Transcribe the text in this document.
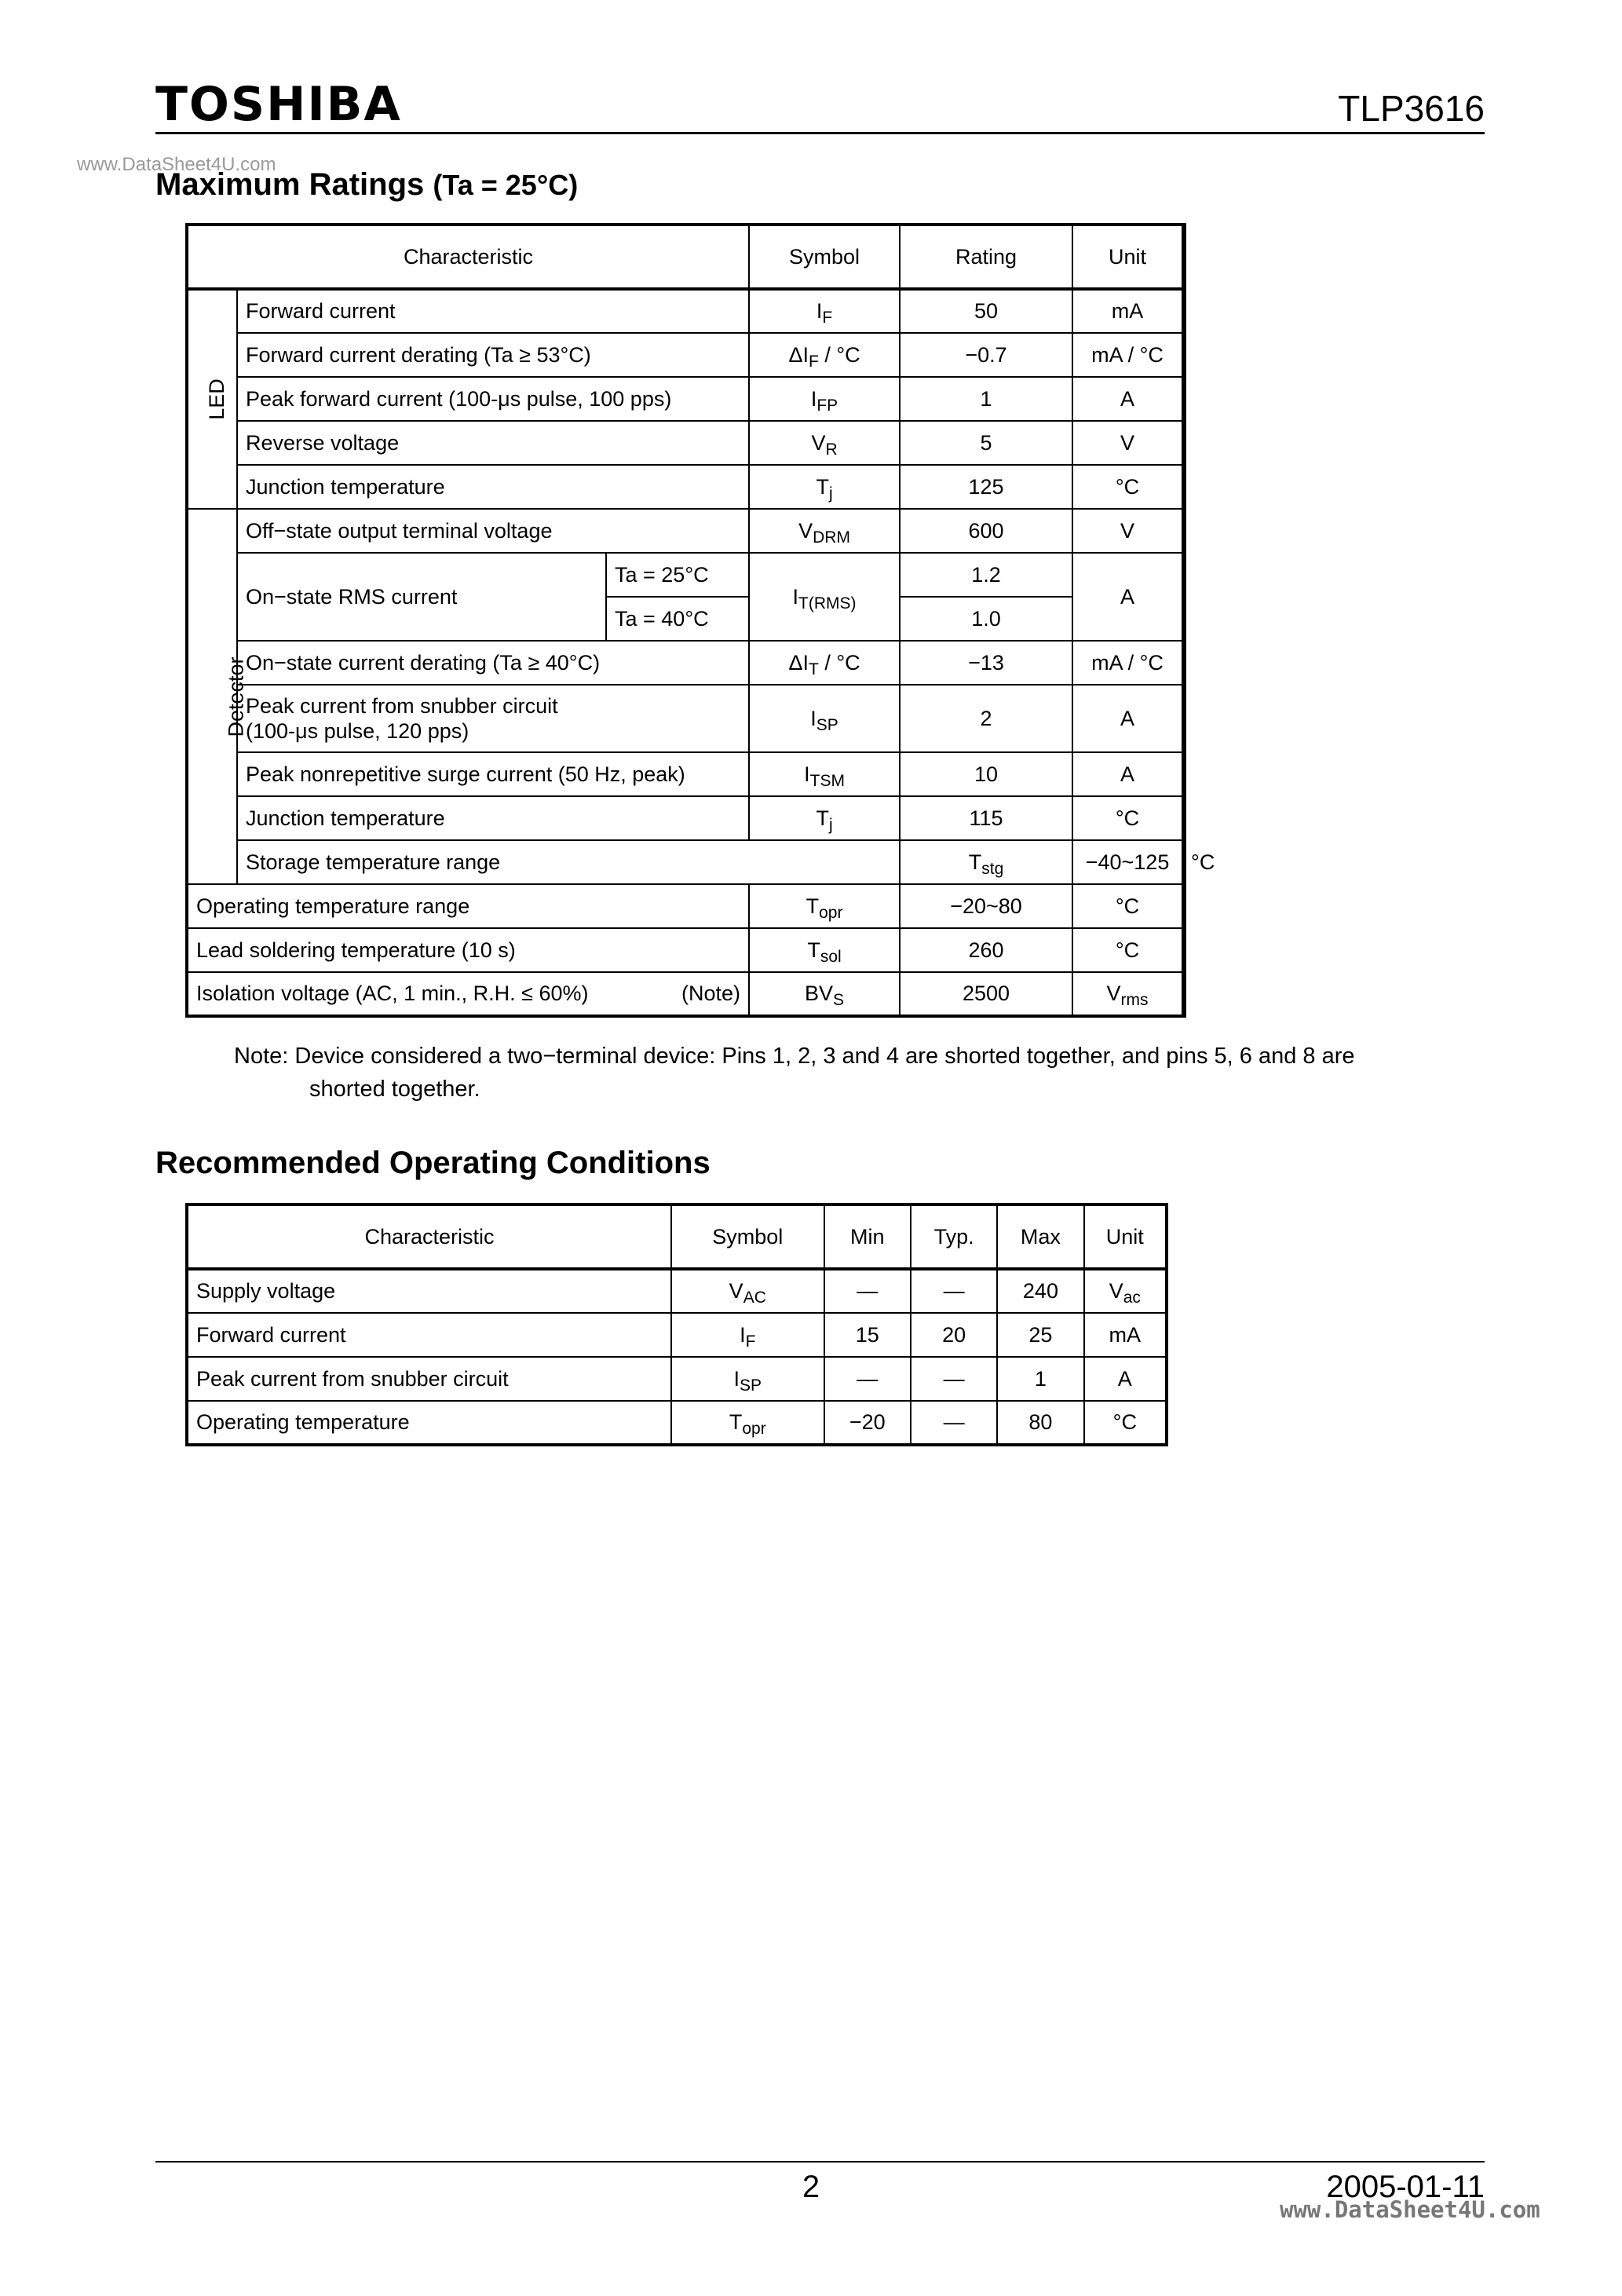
TOSHIBA	TLP3616
www.DataSheet4U.com
Maximum Ratings (Ta = 25°C)
Characteristic			Symbol	Rating	Unit	
LED	Forward current		$I_F$	50	mA	
	Forward current derating (Ta ≥ 53°C)		$\Delta I_F / ^\circ C$	−0.7	mA / °C	
	Peak forward current (100-μs pulse, 100 pps)		$I_{FP}$	1	A	
	Reverse voltage		$V_R$	5	V	
	Junction temperature		$T_j$	125	°C	
Detector	Off−state output terminal voltage		$V_{DRM}$	600	V	
	On−state RMS current	Ta = 25°C	$I_{T(RMS)}$	1.2	A	
		Ta = 40°C		1.0		
	On−state current derating (Ta ≥ 40°C)		$\Delta I_T / ^\circ C$	−13	mA / °C	
	Peak current from snubber circuit
(100-μs pulse, 120 pps)		$I_{SP}$	2	A	
	Peak nonrepetitive surge current (50 Hz, peak)		$I_{TSM}$	10	A	
	Junction temperature		$T_j$	115	°C	
	Storage temperature range			$T_{stg}$	−40~125	°C
Operating temperature range			$T_{opr}$	−20~80	°C	
Lead soldering temperature (10 s)			$T_{sol}$	260	°C	

Isolation voltage (AC, 1 min., R.H. ≤ 60%) (Note)			$BV_S$	2500	$V_{rms}$
Note: Device considered a two−terminal device: Pins 1, 2, 3 and 4 are shorted together, and pins 5, 6 and 8 are
shorted together.
Recommended Operating Conditions
Characteristic	Symbol	Min	Typ.	Max	Unit
Supply voltage	$V_{AC}$	—	—	240	$V_{ac}$
Forward current	$I_F$	15	20	25	mA
Peak current from snubber circuit	$I_{SP}$	—	—	1	A
Operating temperature	$T_{opr}$	−20	—	80	°C
2	2005-01-11
www.DataSheet4U.com
